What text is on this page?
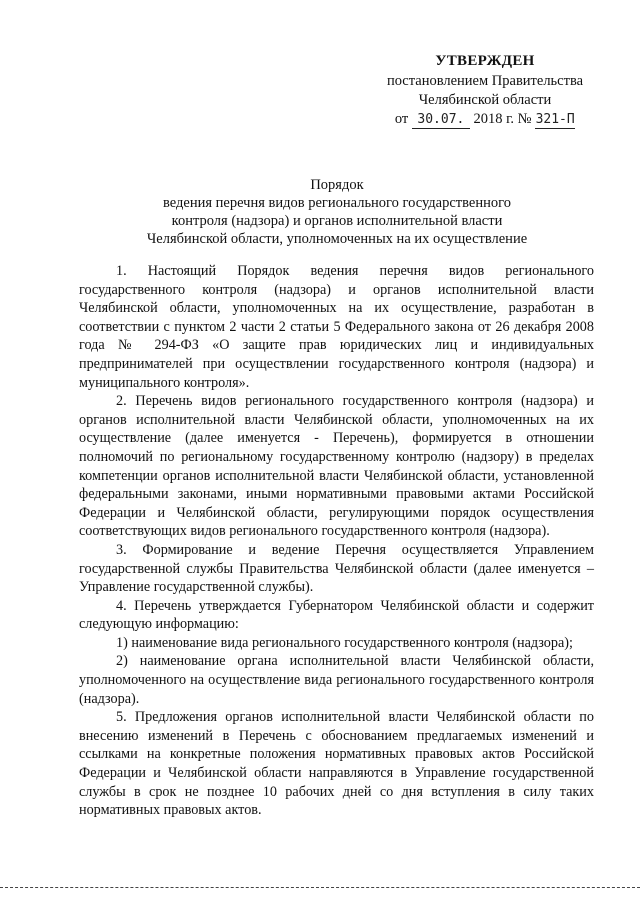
УТВЕРЖДЕН
постановлением Правительства
Челябинской области
от 30.07. 2018 г. № 321-П
Порядок
ведения перечня видов регионального государственного
контроля (надзора) и органов исполнительной власти
Челябинской области, уполномоченных на их осуществление

1. Настоящий Порядок ведения перечня видов регионального государственного контроля (надзора) и органов исполнительной власти Челябинской области, уполномоченных на их осуществление, разработан в соответствии с пунктом 2 части 2 статьи 5 Федерального закона от 26 декабря 2008 года № 294-ФЗ «О защите прав юридических лиц и индивидуальных предпринимателей при осуществлении государственного контроля (надзора) и муниципального контроля».

2. Перечень видов регионального государственного контроля (надзора) и органов исполнительной власти Челябинской области, уполномоченных на их осуществление (далее именуется - Перечень), формируется в отношении полномочий по региональному государственному контролю (надзору) в пределах компетенции органов исполнительной власти Челябинской области, установленной федеральными законами, иными нормативными правовыми актами Российской Федерации и Челябинской области, регулирующими порядок осуществления соответствующих видов регионального государственного контроля (надзора).

3. Формирование и ведение Перечня осуществляется Управлением государственной службы Правительства Челябинской области (далее именуется – Управление государственной службы).

4. Перечень утверждается Губернатором Челябинской области и содержит следующую информацию:

1) наименование вида регионального государственного контроля (надзора);

2) наименование органа исполнительной власти Челябинской области, уполномоченного на осуществление вида регионального государственного контроля (надзора).

5. Предложения органов исполнительной власти Челябинской области по внесению изменений в Перечень с обоснованием предлагаемых изменений и ссылками на конкретные положения нормативных правовых актов Российской Федерации и Челябинской области направляются в Управление государственной службы в срок не позднее 10 рабочих дней со дня вступления в силу таких нормативных правовых актов.
